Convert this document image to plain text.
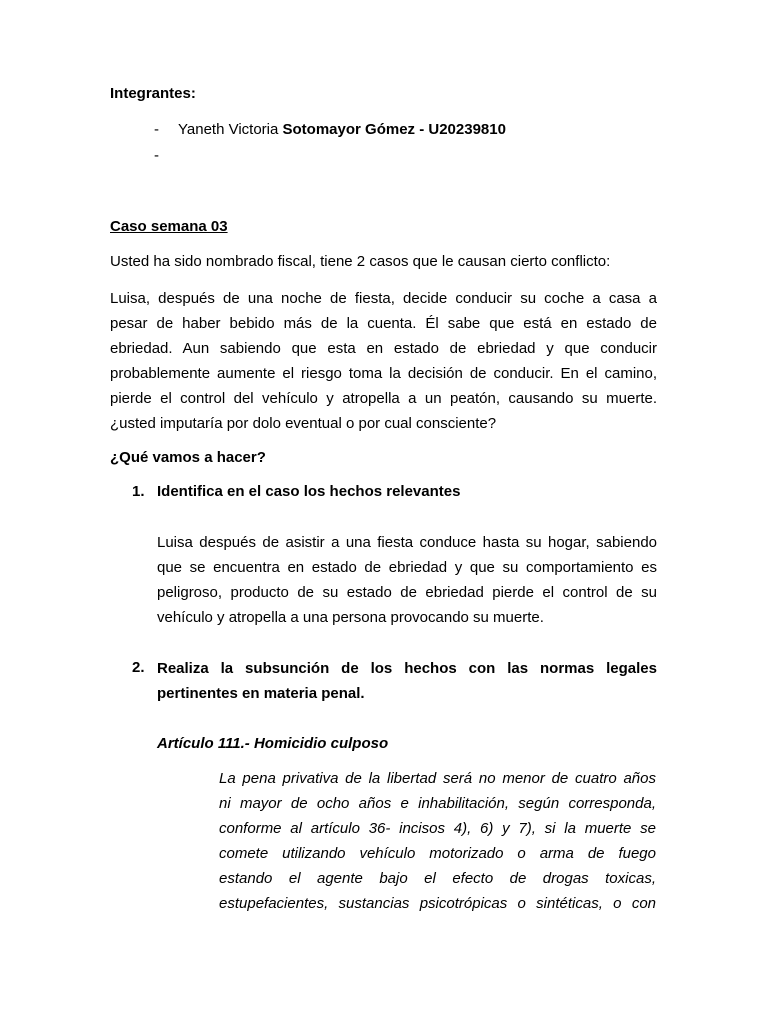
Integrantes:
- Yaneth Victoria Sotomayor Gómez - U20239810
-
Caso semana 03
Usted ha sido nombrado fiscal, tiene 2 casos que le causan cierto conflicto:
Luisa, después de una noche de fiesta, decide conducir su coche a casa a
pesar de haber bebido más de la cuenta. Él sabe que está en estado de
ebriedad. Aun sabiendo que esta en estado de ebriedad y que conducir
probablemente aumente el riesgo toma la decisión de conducir. En el camino,
pierde el control del vehículo y atropella a un peatón, causando su muerte.
¿usted imputaría por dolo eventual o por cual consciente?
¿Qué vamos a hacer?
1. Identifica en el caso los hechos relevantes
Luisa después de asistir a una fiesta conduce hasta su hogar, sabiendo
que se encuentra en estado de ebriedad y que su comportamiento es
peligroso, producto de su estado de ebriedad pierde el control de su
vehículo y atropella a una persona provocando su muerte.
2. Realiza la subsunción de los hechos con las normas legales
pertinentes en materia penal.
Artículo 111.- Homicidio culposo
La pena privativa de la libertad será no menor de cuatro años
ni mayor de ocho años e inhabilitación, según corresponda,
conforme al artículo 36- incisos 4), 6) y 7), si la muerte se
comete utilizando vehículo motorizado o arma de fuego
estando el agente bajo el efecto de drogas toxicas,
estupefacientes, sustancias psicotrópicas o sintéticas, o con
